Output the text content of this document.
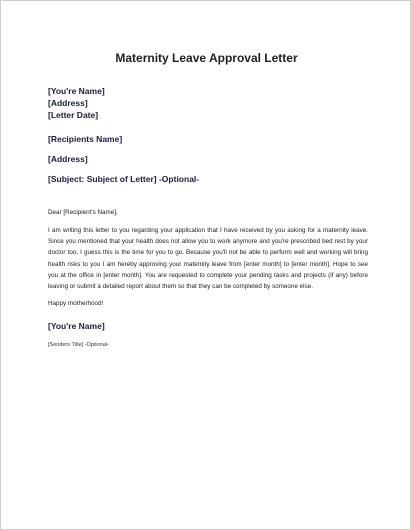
Maternity Leave Approval Letter
[You're Name]
[Address]
[Letter Date]
[Recipients Name]
[Address]
[Subject: Subject of Letter] -Optional-
Dear [Recipient's Name],
I am writing this letter to you regarding your application that I have received by you asking for a maternity leave. Since you mentioned that your health does not allow you to work anymore and you're prescribed bed rest by your doctor too, I guess this is the time for you to go. Because you'll not be able to perform well and working will bring health risks to you I am hereby approving your maternity leave from [enter month] to [enter month]. Hope to see you at the office in [enter month]. You are requested to complete your pending tasks and projects (if any) before leaving or submit a detailed report about them so that they can be completed by someone else.
Happy motherhood!
[You're Name]
[Senders Title] -Optional-
